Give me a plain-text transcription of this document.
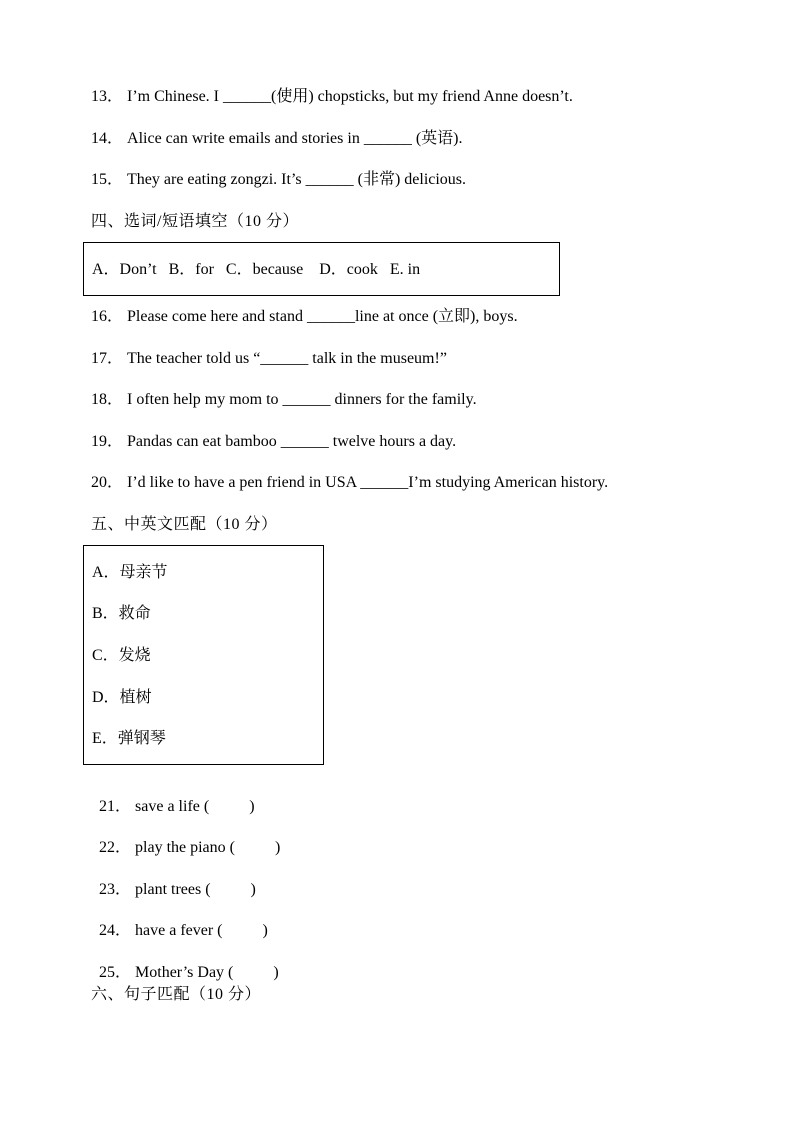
13． I’m Chinese. I ______(使用) chopsticks, but my friend Anne doesn’t.
14． Alice can write emails and stories in ______ (英语).
15． They are eating zongzi. It’s ______ (非常) delicious.
四、选词/短语填空（10 分）
A．Don’t   B．for   C．because    D．cook   E. in
16． Please come here and stand ______line at once (立即), boys.
17． The teacher told us “______ talk in the museum!”
18． I often help my mom to ______ dinners for the family.
19． Pandas can eat bamboo ______ twelve hours a day.
20． I’d like to have a pen friend in USA ______I’m studying American history.
五、中英文匹配（10 分）
A．母亲节
B．救命
C．发烧
D．植树
E．弹钢琴

21． save a life (          )

22． play the piano (          )

23． plant trees (          )

24． have a fever (          )

25． Mother’s Day (          )

六、句子匹配（10 分）
